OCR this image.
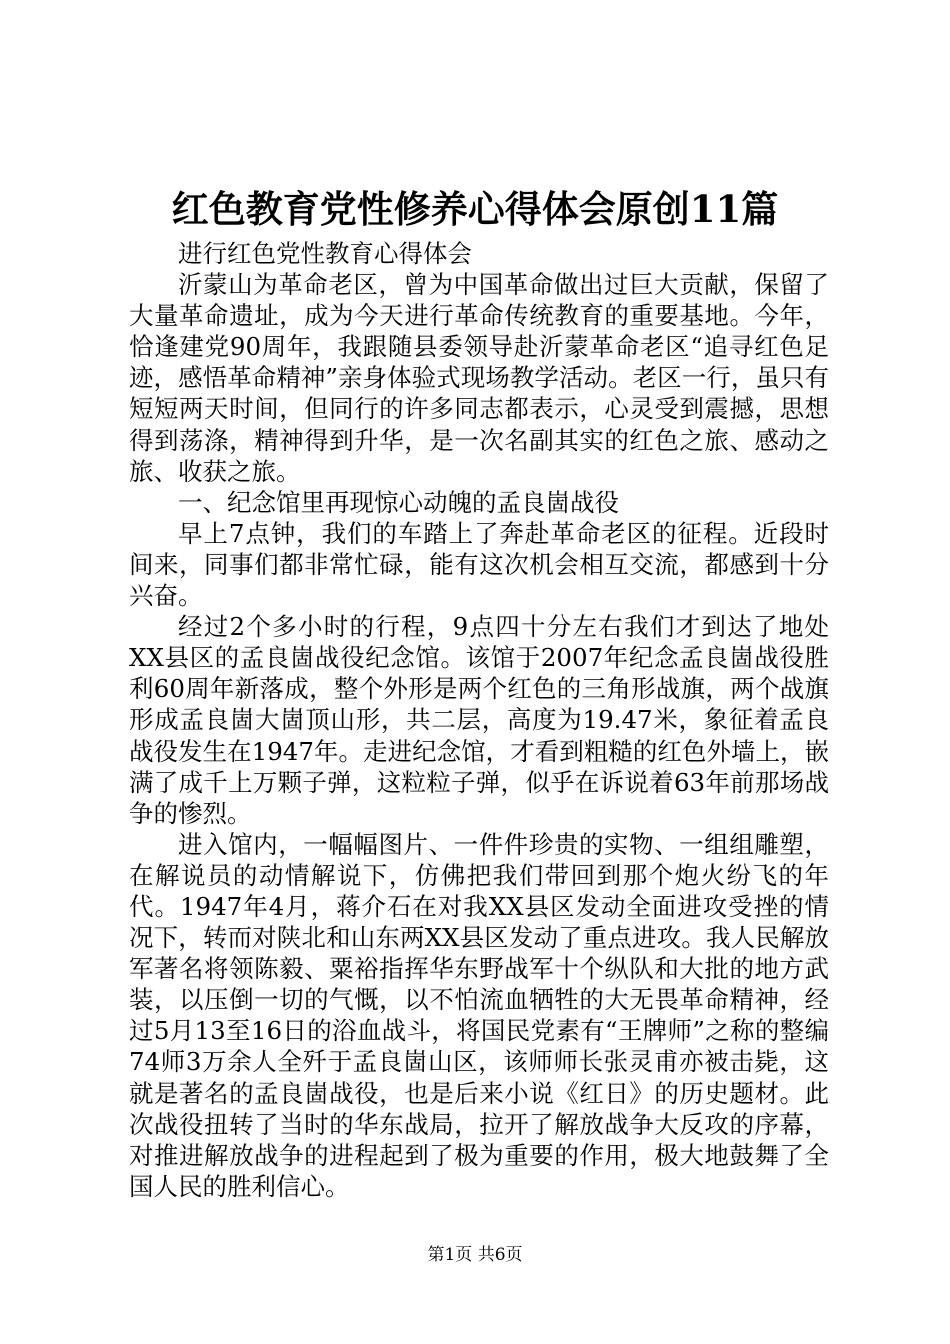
红色教育党性修养心得体会原创11篇

进行红色党性教育心得体会

沂蒙山为革命老区，曾为中国革命做出过巨大贡献，保留了大量革命遗址，成为今天进行革命传统教育的重要基地。今年，恰逢建党90周年，我跟随县委领导赴沂蒙革命老区“追寻红色足迹，感悟革命精神”亲身体验式现场教学活动。老区一行，虽只有短短两天时间，但同行的许多同志都表示，心灵受到震撼，思想得到荡涤，精神得到升华，是一次名副其实的红色之旅、感动之旅、收获之旅。

一、纪念馆里再现惊心动魄的孟良崮战役

早上7点钟，我们的车踏上了奔赴革命老区的征程。近段时间来，同事们都非常忙碌，能有这次机会相互交流，都感到十分兴奋。

经过2个多小时的行程，9点四十分左右我们才到达了地处XX县区的孟良崮战役纪念馆。该馆于2007年纪念孟良崮战役胜利60周年新落成，整个外形是两个红色的三角形战旗，两个战旗形成孟良崮大崮顶山形，共二层，高度为19.47米，象征着孟良战役发生在1947年。走进纪念馆，才看到粗糙的红色外墙上，嵌满了成千上万颗子弹，这粒粒子弹，似乎在诉说着63年前那场战争的惨烈。

进入馆内，一幅幅图片、一件件珍贵的实物、一组组雕塑，在解说员的动情解说下，仿佛把我们带回到那个炮火纷飞的年代。1947年4月，蒋介石在对我XX县区发动全面进攻受挫的情况下，转而对陕北和山东两XX县区发动了重点进攻。我人民解放军著名将领陈毅、粟裕指挥华东野战军十个纵队和大批的地方武装，以压倒一切的气慨，以不怕流血牺牲的大无畏革命精神，经过5月13至16日的浴血战斗，将国民党素有“王牌师”之称的整编74师3万余人全歼于孟良崮山区，该师师长张灵甫亦被击毙，这就是著名的孟良崮战役，也是后来小说《红日》的历史题材。此次战役扭转了当时的华东战局，拉开了解放战争大反攻的序幕，对推进解放战争的进程起到了极为重要的作用，极大地鼓舞了全国人民的胜利信心。

第1页 共6页
